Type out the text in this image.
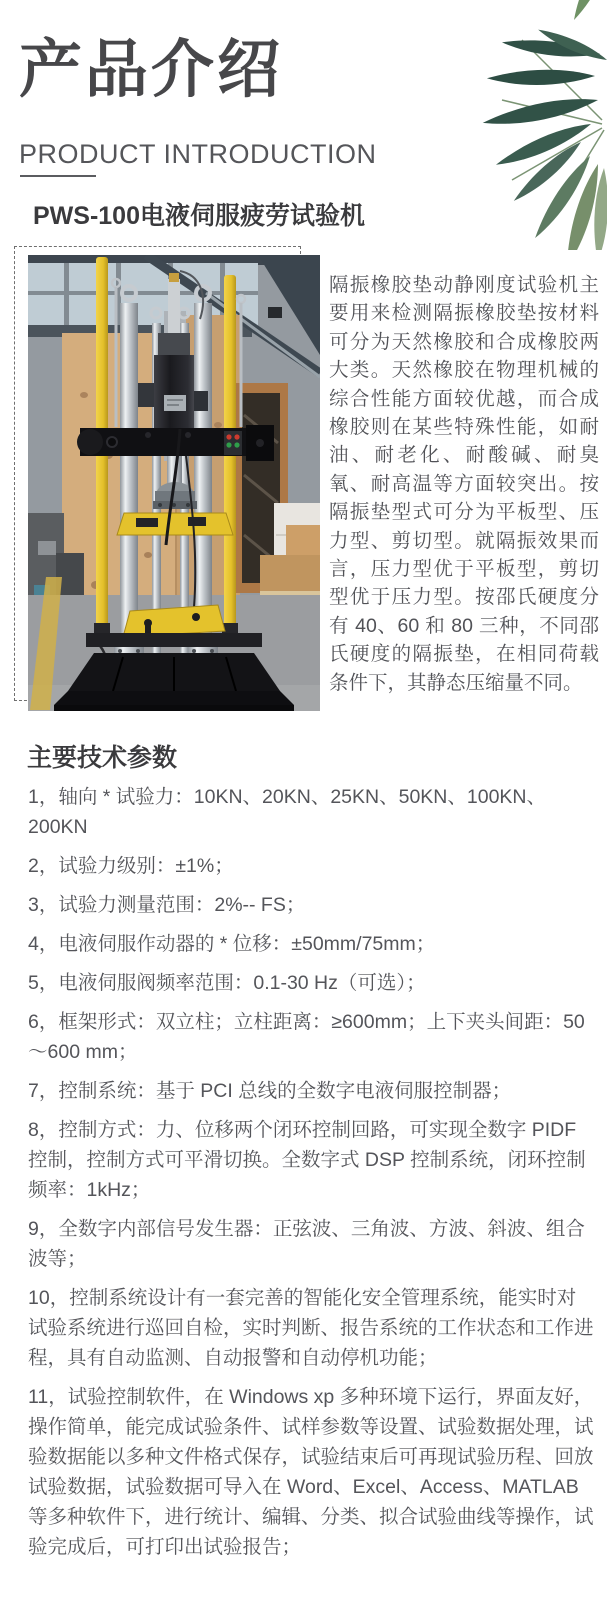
产品介绍
PRODUCT INTRODUCTION
PWS-100电液伺服疲劳试验机

隔振橡胶垫动静刚度试验机主要用来检测隔振橡胶垫按材料可分为天然橡胶和合成橡胶两大类。天然橡胶在物理机械的综合性能方面较优越，而合成橡胶则在某些特殊性能，如耐油、耐老化、耐酸碱、耐臭氧、耐高温等方面较突出。按隔振垫型式可分为平板型、压力型、剪切型。就隔振效果而言，压力型优于平板型，剪切型优于压力型。按邵氏硬度分有 40、60 和 80 三种，不同邵氏硬度的隔振垫，在相同荷载条件下，其静态压缩量不同。

主要技术参数

1，轴向 * 试验力：10KN、20KN、25KN、50KN、100KN、200KN

2，试验力级别：±1%；

3，试验力测量范围：2%-- FS；

4，电液伺服作动器的 * 位移：±50mm/75mm；

5，电液伺服阀频率范围：0.1-30 Hz（可选）；

6，框架形式：双立柱；立柱距离：≥600mm；上下夹头间距：50～600 mm；

7，控制系统：基于 PCI 总线的全数字电液伺服控制器；

8，控制方式：力、位移两个闭环控制回路，可实现全数字 PIDF 控制，控制方式可平滑切换。全数字式 DSP 控制系统，闭环控制频率：1kHz；

9，全数字内部信号发生器：正弦波、三角波、方波、斜波、组合波等；

10，控制系统设计有一套完善的智能化安全管理系统，能实时对试验系统进行巡回自检，实时判断、报告系统的工作状态和工作进程，具有自动监测、自动报警和自动停机功能；

11，试验控制软件，在 Windows xp 多种环境下运行，界面友好，操作简单，能完成试验条件、试样参数等设置、试验数据处理，试验数据能以多种文件格式保存，试验结束后可再现试验历程、回放试验数据，试验数据可导入在 Word、Excel、Access、MATLAB 等多种软件下，进行统计、编辑、分类、拟合试验曲线等操作，试验完成后，可打印出试验报告；
